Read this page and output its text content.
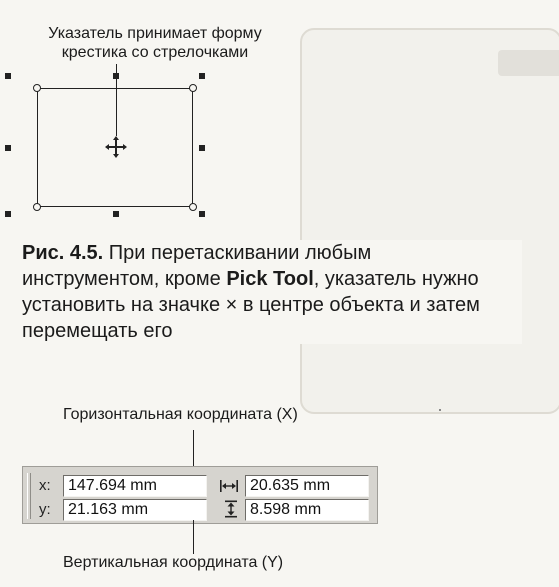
Указатель принимает форму
крестика со стрелочками
Рис. 4.5. При перетаскивании любым
инструментом, кроме Pick Tool, указатель нужно
установить на значке × в центре объекта и затем
перемещать его
Горизонтальная координата (X)
x:	147.694 mm
y:	21.163 mm
20.635 mm
8.598 mm
Вертикальная координата (Y)
